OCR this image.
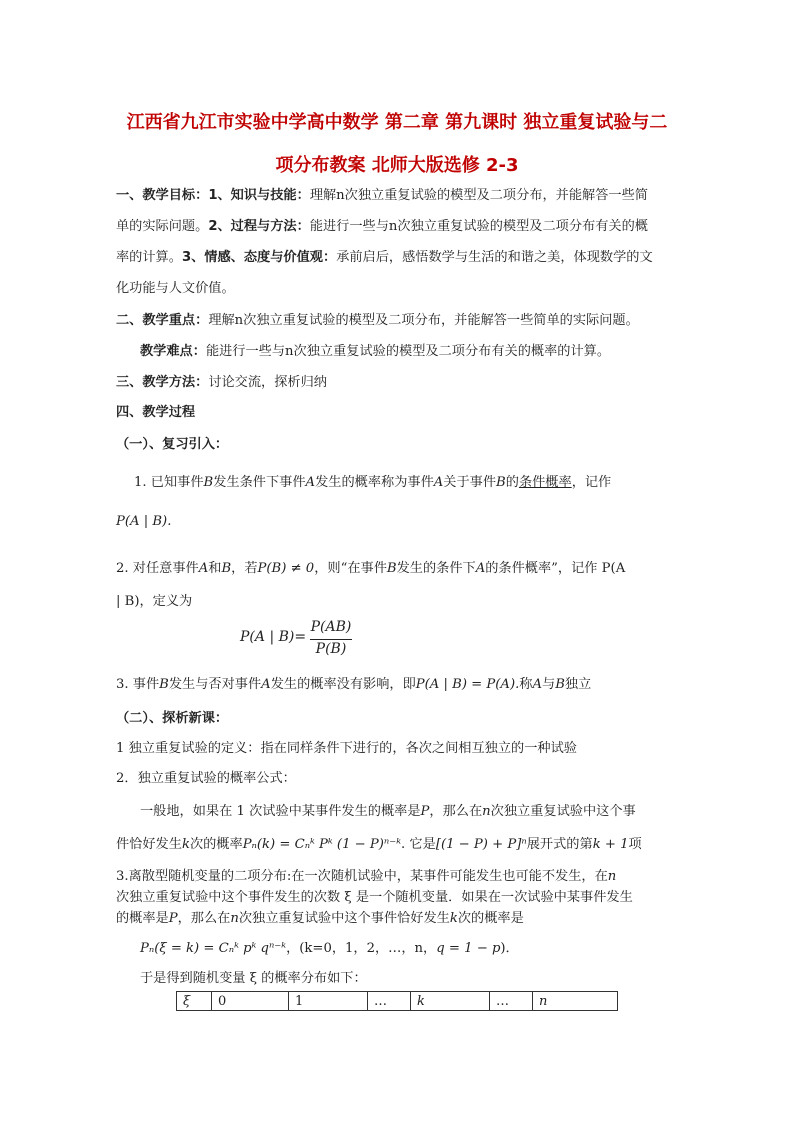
江西省九江市实验中学高中数学 第二章 第九课时 独立重复试验与二
项分布教案 北师大版选修 2-3
一、教学目标：1、知识与技能：理解n次独立重复试验的模型及二项分布，并能解答一些简
单的实际问题。2、过程与方法：能进行一些与n次独立重复试验的模型及二项分布有关的概
率的计算。3、情感、态度与价值观：承前启后，感悟数学与生活的和谐之美，体现数学的文
化功能与人文价值。
二、教学重点：理解n次独立重复试验的模型及二项分布，并能解答一些简单的实际问题。
教学难点：能进行一些与n次独立重复试验的模型及二项分布有关的概率的计算。
三、教学方法：讨论交流，探析归纳
四、教学过程
（一）、复习引入：
1. 已知事件B发生条件下事件A发生的概率称为事件A关于事件B的条件概率，记作
P(A | B).
2. 对任意事件A和B，若P(B) ≠ 0，则“在事件B发生的条件下A的条件概率”，记作 P(A
| B)，定义为
P(A | B)=
P(AB)
P(B)
3. 事件B发生与否对事件A发生的概率没有影响，即P(A | B) = P(A).称A与B独立
（二）、探析新课：
1 独立重复试验的定义：指在同样条件下进行的，各次之间相互独立的一种试验
2．独立重复试验的概率公式：
一般地，如果在 1 次试验中某事件发生的概率是P，那么在n次独立重复试验中这个事
件恰好发生k次的概率Pₙ(k) = Cₙᵏ Pᵏ (1 − P)ⁿ⁻ᵏ. 它是[(1 − P) + P]ⁿ展开式的第k + 1项
3.离散型随机变量的二项分布:在一次随机试验中，某事件可能发生也可能不发生，在n
次独立重复试验中这个事件发生的次数 ξ 是一个随机变量．如果在一次试验中某事件发生
的概率是P，那么在n次独立重复试验中这个事件恰好发生k次的概率是
Pₙ(ξ = k) = Cₙᵏ pᵏ qⁿ⁻ᵏ，(k=0，1，2，…，n，q = 1 − p)．
于是得到随机变量 ξ 的概率分布如下：
ξ	0	1	…	k	…	n
